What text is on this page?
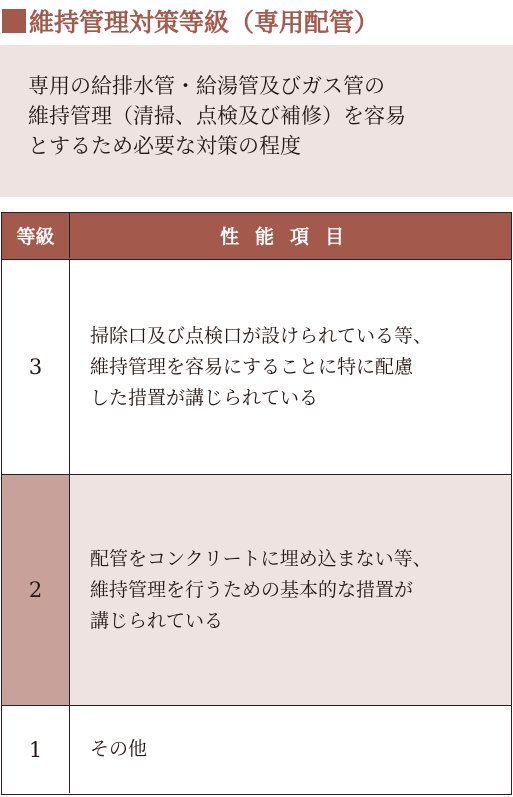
維持管理対策等級（専用配管）
専用の給排水管・給湯管及びガス管の
維持管理（清掃、点検及び補修）を容易
とするため必要な対策の程度
等級	性能項目
3
掃除口及び点検口が設けられている等、
維持管理を容易にすることに特に配慮
した措置が講じられている
2
配管をコンクリートに埋め込まない等、
維持管理を行うための基本的な措置が
講じられている
1	その他
